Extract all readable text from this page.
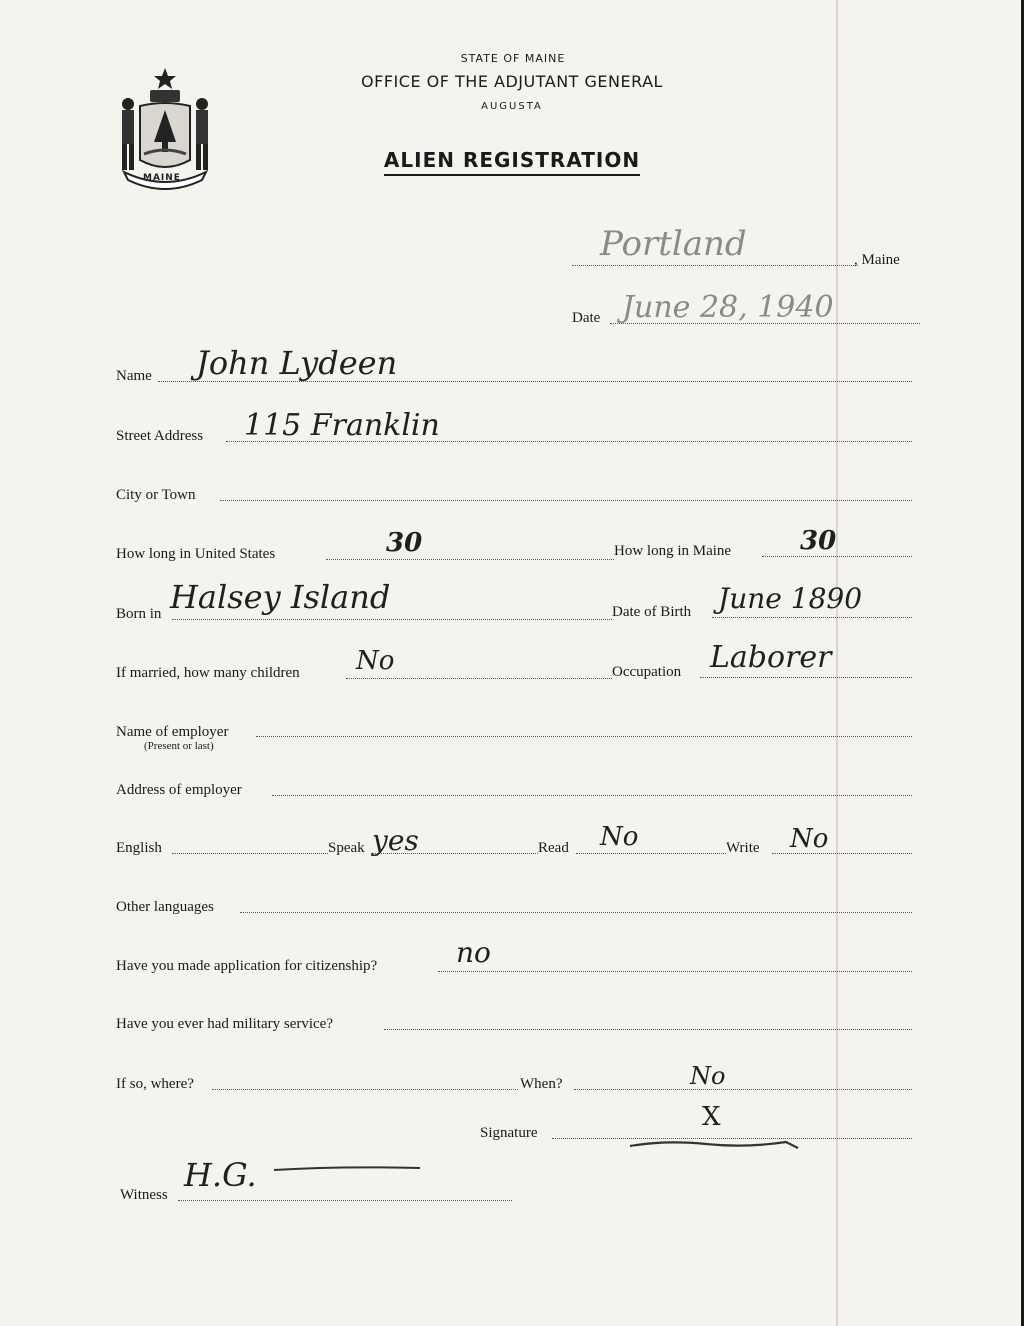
MAINE
STATE OF MAINE
OFFICE OF THE ADJUTANT GENERAL
AUGUSTA
ALIEN REGISTRATION
Portland	, Maine
Date June 28, 1940
Name John Lydeen
Street Address 115 Franklin
City or Town
How long in United States	30	How long in Maine	30
Born in Halsey Island	Date of Birth June 1890
If married, how many children No	Occupation Laborer
Name of employer
(Present or last)
Address of employer
English	Speak yes	Read No	Write No
Other languages
Have you made application for citizenship?	no
Have you ever had military service?
If so, where?	When?	No
Signature
X
Witness
H.G.
